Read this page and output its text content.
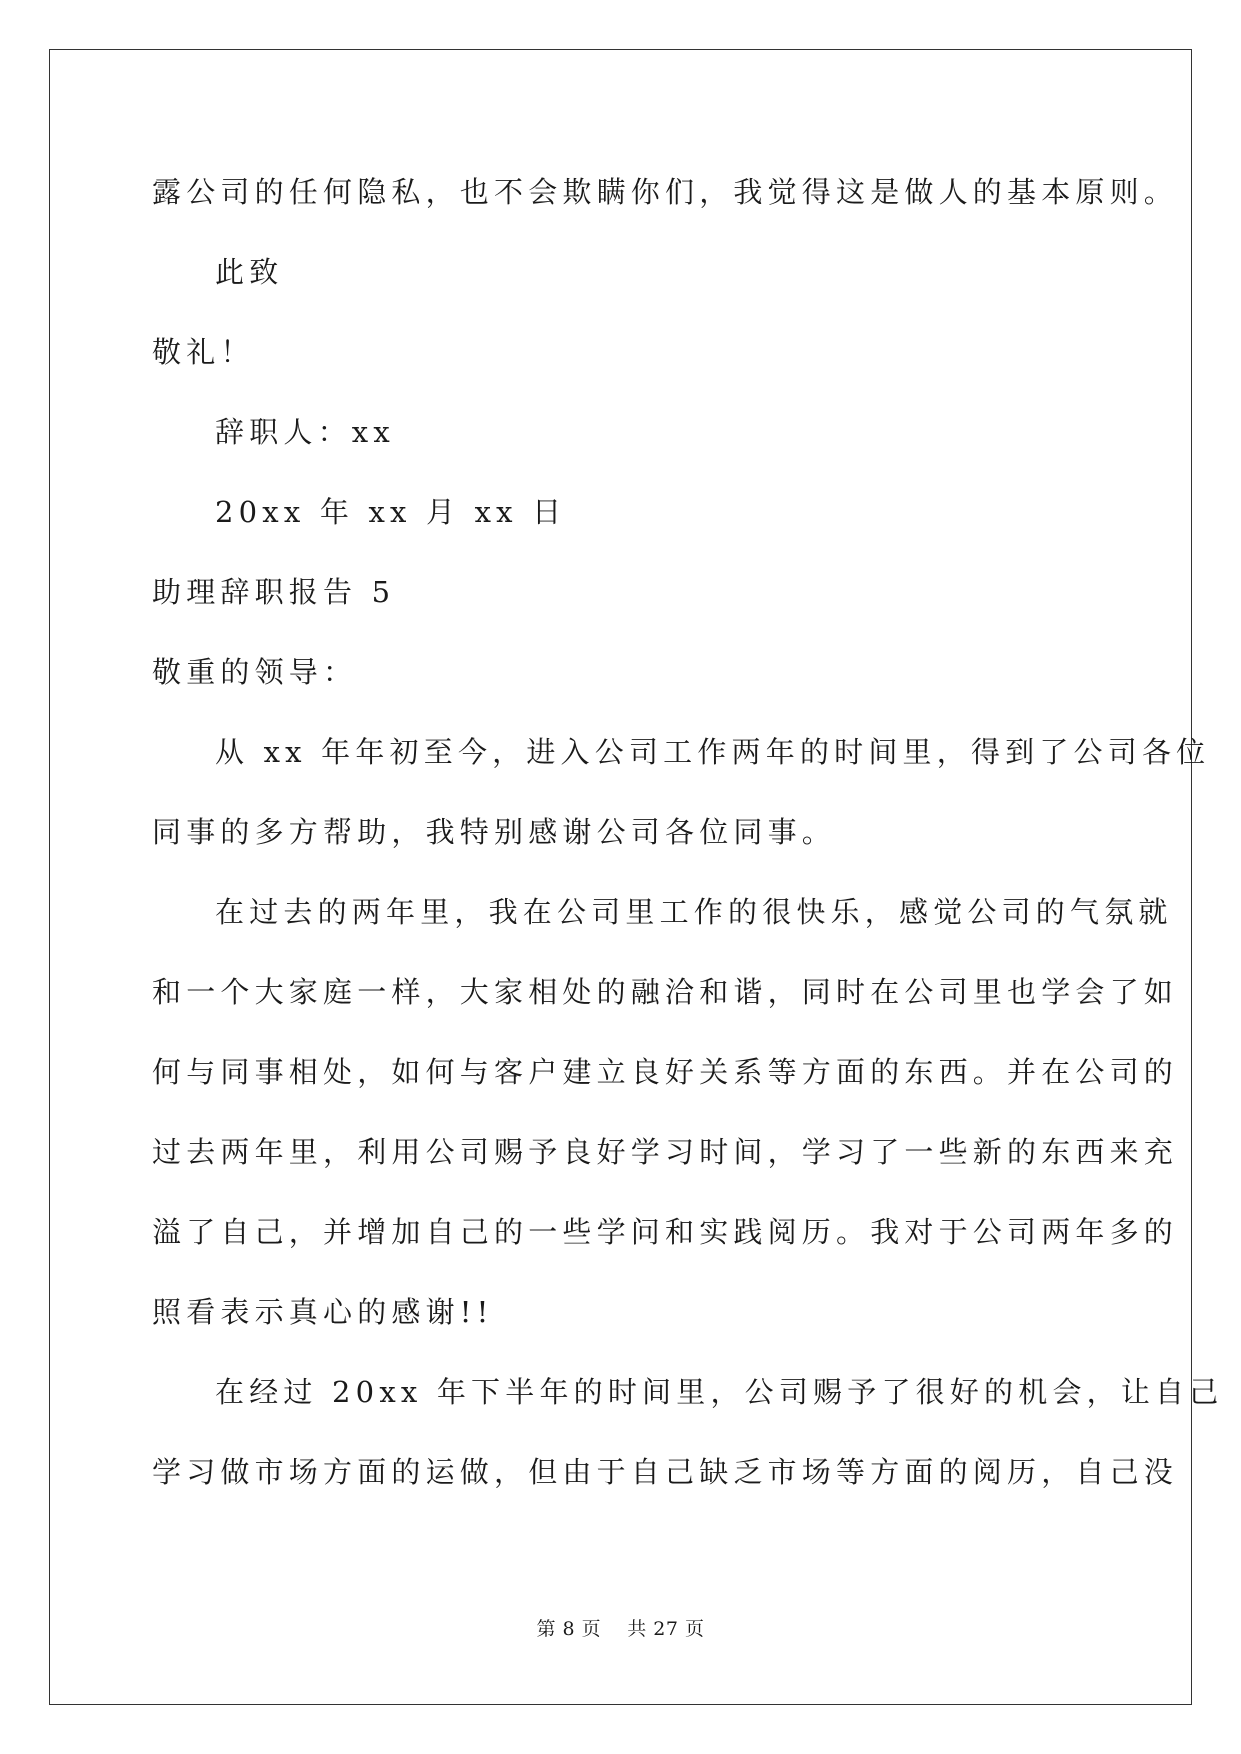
露公司的任何隐私，也不会欺瞒你们，我觉得这是做人的基本原则。
此致
敬礼！
辞职人：xx
20xx 年 xx 月 xx 日
助理辞职报告 5
敬重的领导：
从 xx 年年初至今，进入公司工作两年的时间里，得到了公司各位
同事的多方帮助，我特别感谢公司各位同事。
在过去的两年里，我在公司里工作的很快乐，感觉公司的气氛就
和一个大家庭一样，大家相处的融洽和谐，同时在公司里也学会了如
何与同事相处，如何与客户建立良好关系等方面的东西。并在公司的
过去两年里，利用公司赐予良好学习时间，学习了一些新的东西来充
溢了自己，并增加自己的一些学问和实践阅历。我对于公司两年多的
照看表示真心的感谢!!
在经过 20xx 年下半年的时间里，公司赐予了很好的机会，让自己
学习做市场方面的运做，但由于自己缺乏市场等方面的阅历，自己没
第 8 页　 共 27 页
